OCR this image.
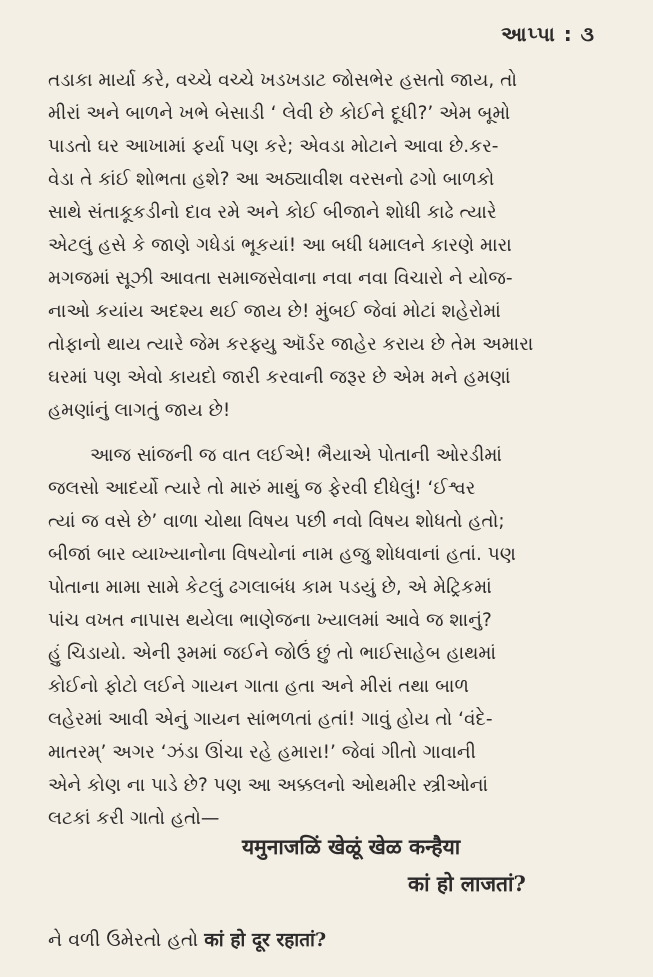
આપ્પા : ૩
તડાકા માર્યા કરે, વચ્ચે વચ્ચે ખડખડાટ જોસભેર હસતો જાય, તો
મીરાં અને બાળને ખભે બેસાડી ‘ લેવી છે કોઈને દૂધી?’ એમ બૂમો
પાડતો ઘર આખામાં ફર્યા પણ કરે; એવડા મોટાને આવા છે.કર-
વેડા તે કાંઈ શોભતા હશે? આ અઠ્યાવીશ વરસનો ઢગો બાળકો
સાથે સંતાકૂકડીનો દાવ રમે અને કોઈ બીજાને શોધી કાઢે ત્યારે
એટલું હસે કે જાણે ગધેડાં ભૂકયાં! આ બધી ધમાલને કારણે મારા
મગજમાં સૂઝી આવતા સમાજસેવાના નવા નવા વિચારો ને યોજ-
નાઓ કયાંય અદશ્ય થઈ જાય છે! મુંબઈ જેવાં મોટાં શહેરોમાં
તોફાનો થાય ત્યારે જેમ કરફ્યુ ઑર્ડર જાહેર કરાય છે તેમ અમારા
ઘરમાં પણ એવો કાયદો જારી કરવાની જરૂર છે એમ મને હમણાં
હમણાંનું લાગતું જાય છે!
આજ સાંજની જ વાત લઈએ! ભૈયાએ પોતાની ઓરડીમાં
જલસો આદર્યો ત્યારે તો મારું માથું જ ફેરવી દીધેલું! ‘ઈશ્વર
ત્યાં જ વસે છે’ વાળા ચોથા વિષય પછી નવો વિષય શોધતો હતો;
બીજાં બાર વ્યાખ્યાનોના વિષયોનાં નામ હજુ શોધવાનાં હતાં. પણ
પોતાના મામા સામે કેટલું ઢગલાબંધ કામ પડયું છે, એ મેટ્રિકમાં
પાંચ વખત નાપાસ થયેલા ભાણેજના ખ્યાલમાં આવે જ શાનું?
હું ચિડાયો. એની રૂમમાં જઈને જોઉં છું તો ભાઈસાહેબ હાથમાં
કોઈનો ફોટો લઈને ગાયન ગાતા હતા અને મીરાં તથા બાળ
લહેરમાં આવી એનું ગાયન સાંભળતાં હતાં! ગાવું હોય તો ‘વંદે-
માતરમ્’ અગર ‘ઝંડા ઊંચા રહે હમારા!’ જેવાં ગીતો ગાવાની
એને કોણ ના પાડે છે? પણ આ અક્કલનો ઓથમીર સ્ત્રીઓનાં
લટકાં કરી ગાતો હતો—
यमुनाजळिं खेळूं खेळ कन्हैया
कां हो लाजतां?
ને વળી ઉમેરતો હતો कां हो दूर रहातां?
